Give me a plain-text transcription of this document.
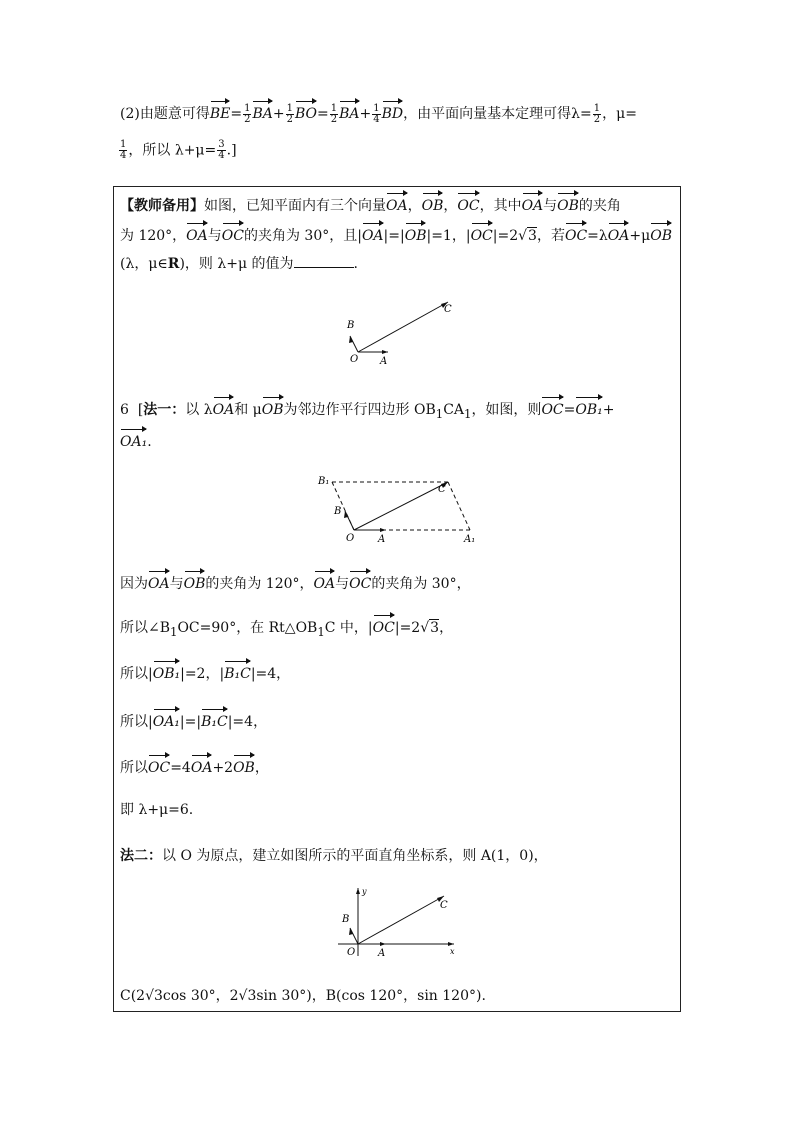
(2)由题意可得$BE= \frac{1}{2} BA+ \frac{1}{2} BO= \frac{1}{2} BA+ \frac{1}{4}$ BD，由平面向量基本定理可得$\lambda= \frac{1}{2}$ ，μ=
$\frac{1}{4}$ ，所以 $\lambda+\mu= \frac{3}{4}$ .]
【教师备用】如图，已知平面内有三个向量OA，OB，OC，其中OA与OB的夹角
为 120°，OA与OC的夹角为 30°，且|OA|=|OB|=1，|OC|=2√3，若OC=λOA+μOB
(λ，μ∈R)，则 λ+μ 的值为	.
O A
B
C
6  [法一：以 λOA和 μOB为邻边作平行四边形 $OB_1CA_1$，如图，则OC=OB₁+
OA₁.
O A
B
B₁
C
A₁
因为OA与OB的夹角为 120°，OA与OC的夹角为 30°，
所以$\angle B_1OC=90^\circ$，在 $Rt\triangle OB_1C$ 中，|OC|=2√3，
所以|OB₁|=2，|B₁C|=4，
所以|OA₁|=|B₁C|=4，
所以OC=4OA+2OB，
即 λ+μ=6.
法二：以 O 为原点，建立如图所示的平面直角坐标系，则 A(1，0)，
O A
B
C
x
y
C(2√3cos 30°，2√3sin 30°)，B(cos 120°，sin 120°).
